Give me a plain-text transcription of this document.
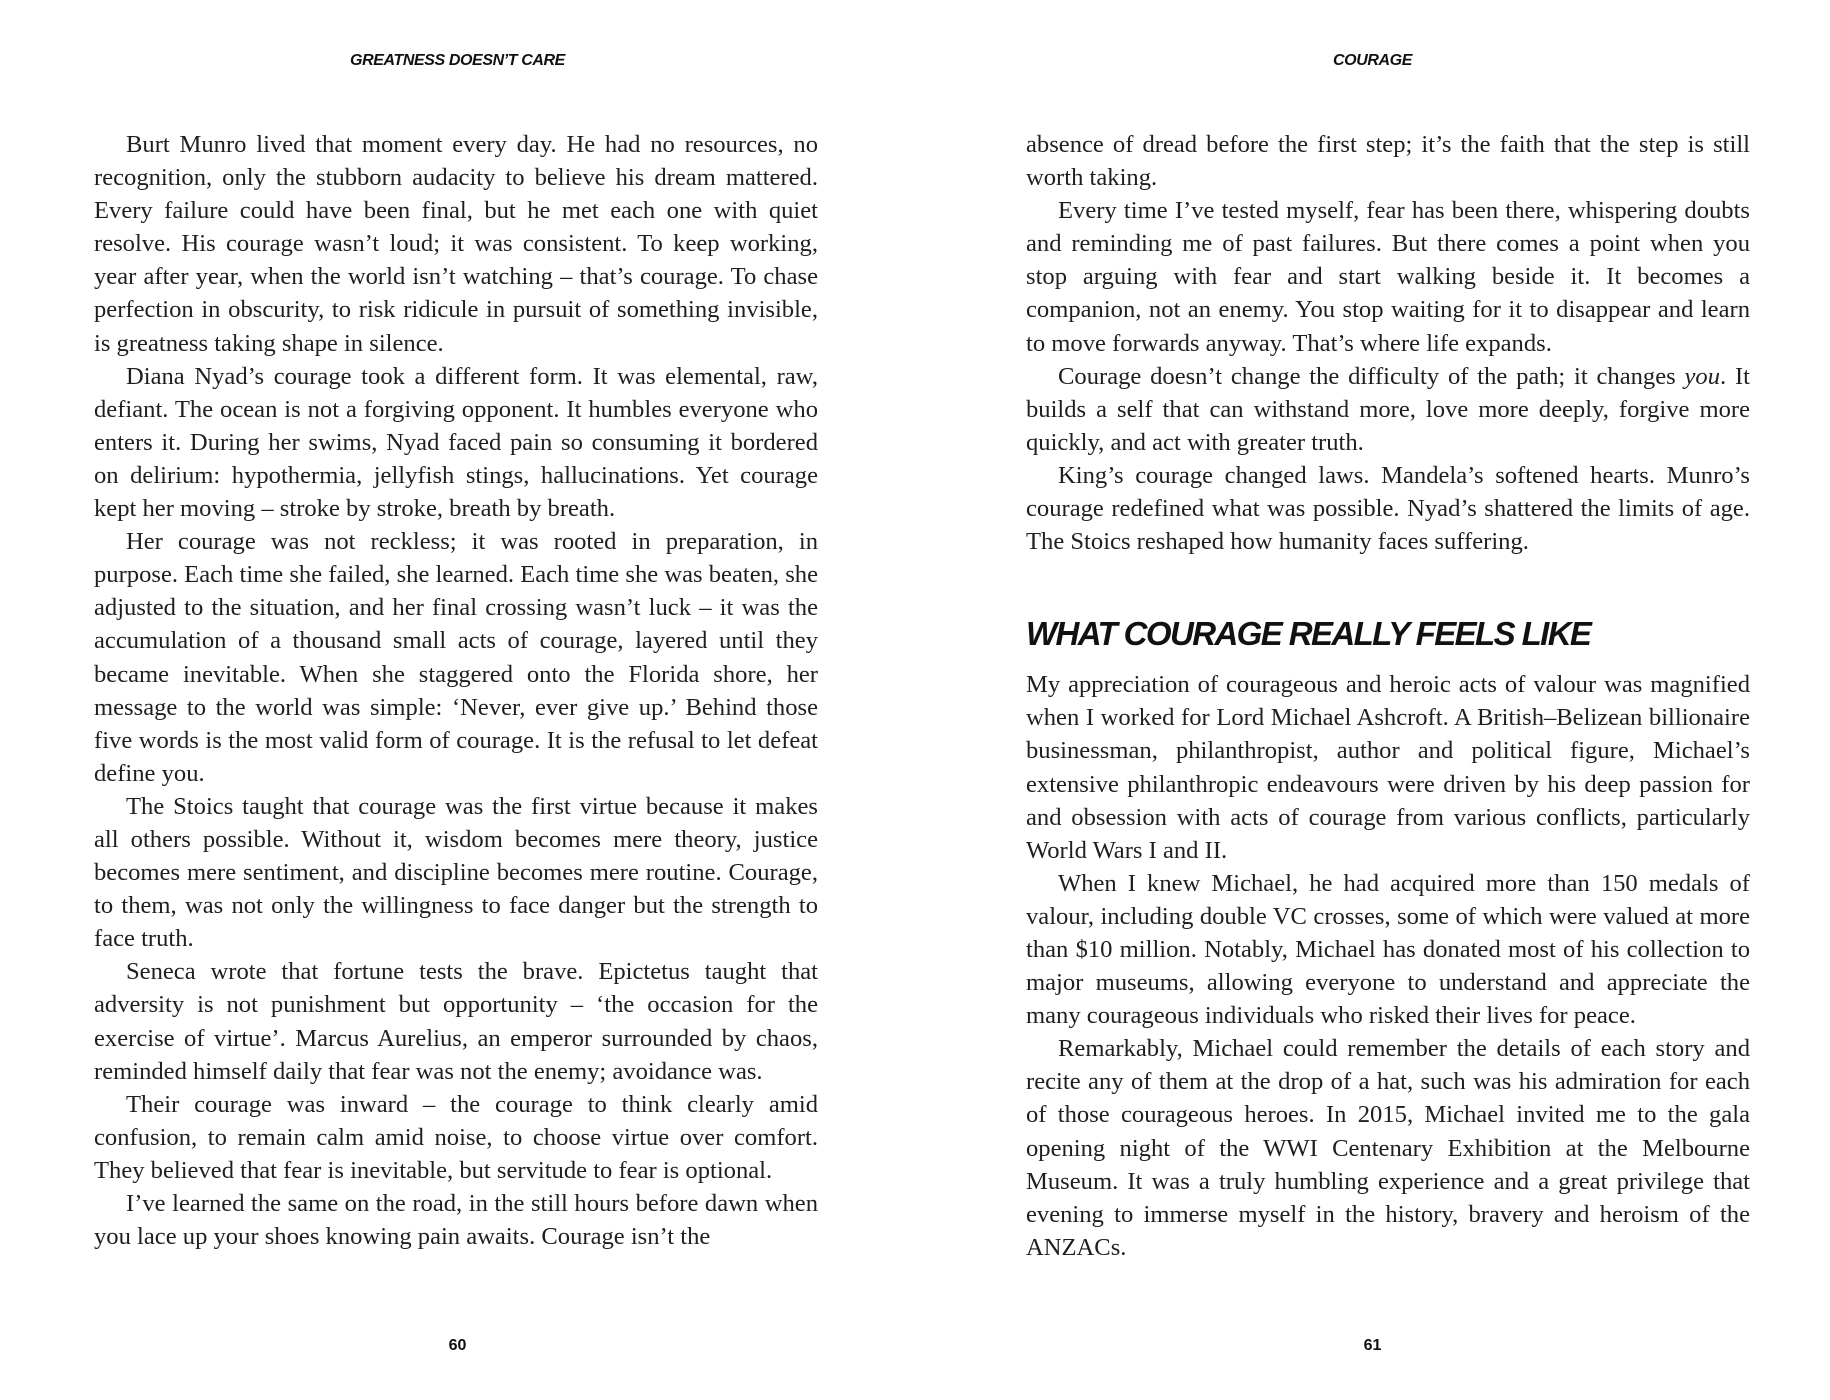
GREATNESS DOESN’T CARE

Burt Munro lived that moment every day. He had no resources, no recognition, only the stubborn audacity to believe his dream mattered. Every failure could have been final, but he met each one with quiet resolve. His courage wasn’t loud; it was consistent. To keep working, year after year, when the world isn’t watching – that’s courage. To chase perfection in obscurity, to risk ridicule in pursuit of something invisible, is greatness taking shape in silence.

Diana Nyad’s courage took a different form. It was elemental, raw, defiant. The ocean is not a forgiving opponent. It humbles everyone who enters it. During her swims, Nyad faced pain so consuming it bordered on delirium: hypothermia, jellyfish stings, hallucinations. Yet courage kept her moving – stroke by stroke, breath by breath.

Her courage was not reckless; it was rooted in preparation, in purpose. Each time she failed, she learned. Each time she was beaten, she adjusted to the situation, and her final crossing wasn’t luck – it was the accumulation of a thousand small acts of courage, layered until they became inevitable. When she staggered onto the Florida shore, her message to the world was simple: ‘Never, ever give up.’ Behind those five words is the most valid form of courage. It is the refusal to let defeat define you.

The Stoics taught that courage was the first virtue because it makes all others possible. Without it, wisdom becomes mere theory, justice becomes mere sentiment, and discipline becomes mere routine. Courage, to them, was not only the willingness to face danger but the strength to face truth.

Seneca wrote that fortune tests the brave. Epictetus taught that adversity is not punishment but opportunity – ‘the occasion for the exercise of virtue’. Marcus Aurelius, an emperor surrounded by chaos, reminded himself daily that fear was not the enemy; avoidance was.

Their courage was inward – the courage to think clearly amid confusion, to remain calm amid noise, to choose virtue over comfort. They believed that fear is inevitable, but servitude to fear is optional.

I’ve learned the same on the road, in the still hours before dawn when you lace up your shoes knowing pain awaits. Courage isn’t the

60
COURAGE

absence of dread before the first step; it’s the faith that the step is still worth taking.

Every time I’ve tested myself, fear has been there, whispering doubts and reminding me of past failures. But there comes a point when you stop arguing with fear and start walking beside it. It becomes a companion, not an enemy. You stop waiting for it to disappear and learn to move forwards anyway. That’s where life expands.

Courage doesn’t change the difficulty of the path; it changes you. It builds a self that can withstand more, love more deeply, forgive more quickly, and act with greater truth.

King’s courage changed laws. Mandela’s softened hearts. Munro’s courage redefined what was possible. Nyad’s shattered the limits of age. The Stoics reshaped how humanity faces suffering.

WHAT COURAGE REALLY FEELS LIKE

My appreciation of courageous and heroic acts of valour was magnified when I worked for Lord Michael Ashcroft. A British–Belizean billionaire businessman, philanthropist, author and political figure, Michael’s extensive philanthropic endeavours were driven by his deep passion for and obsession with acts of courage from various conflicts, particularly World Wars I and II.

When I knew Michael, he had acquired more than 150 medals of valour, including double VC crosses, some of which were valued at more than $10 million. Notably, Michael has donated most of his collection to major museums, allowing everyone to understand and appreciate the many courageous individuals who risked their lives for peace.

Remarkably, Michael could remember the details of each story and recite any of them at the drop of a hat, such was his admiration for each of those courageous heroes. In 2015, Michael invited me to the gala opening night of the WWI Centenary Exhibition at the Melbourne Museum. It was a truly humbling experience and a great privilege that evening to immerse myself in the history, bravery and heroism of the ANZACs.

61
